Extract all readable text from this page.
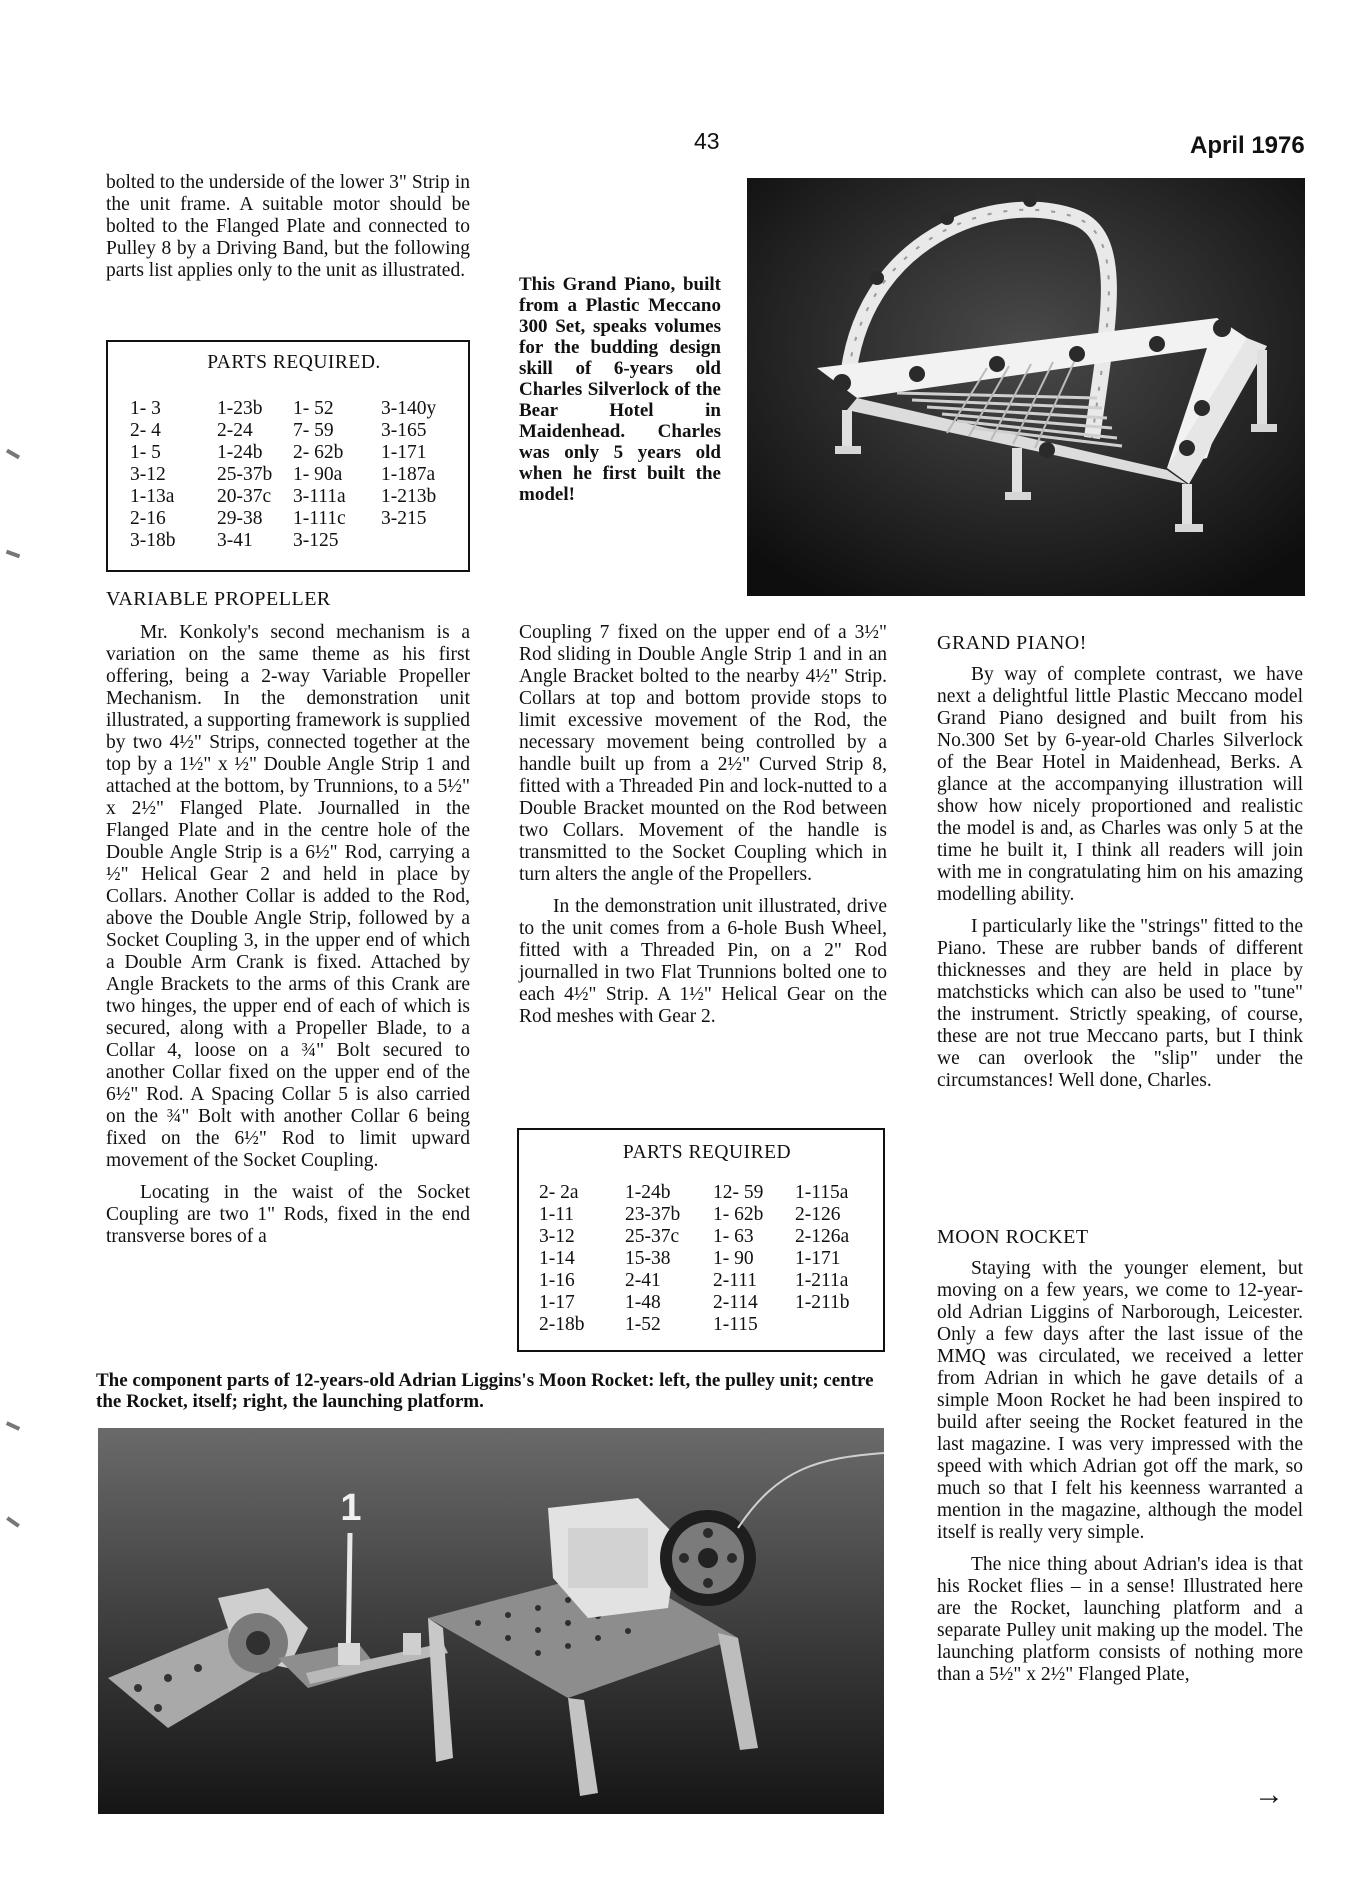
43	April 1976

bolted to the underside of the lower 3" Strip in the unit frame. A suitable motor should be bolted to the Flanged Plate and connected to Pulley 8 by a Driving Band, but the following parts list applies only to the unit as illustrated.

PARTS REQUIRED.
1- 3	1-23b	1- 52	3-140y
2- 4	2-24	7- 59	3-165
1- 5	1-24b	2- 62b	1-171
3-12	25-37b	1- 90a	1-187a
1-13a	20-37c	3-111a	1-213b
2-16	29-38	1-111c	3-215
3-18b	3-41	3-125
VARIABLE PROPELLER

Mr. Konkoly's second mechanism is a variation on the same theme as his first offering, being a 2-way Variable Propeller Mechanism. In the demonstration unit illustrated, a supporting framework is supplied by two 4½" Strips, connected together at the top by a 1½" x ½" Double Angle Strip 1 and attached at the bottom, by Trunnions, to a 5½" x 2½" Flanged Plate. Journalled in the Flanged Plate and in the centre hole of the Double Angle Strip is a 6½" Rod, carrying a ½" Helical Gear 2 and held in place by Collars. Another Collar is added to the Rod, above the Double Angle Strip, followed by a Socket Coupling 3, in the upper end of which a Double Arm Crank is fixed. Attached by Angle Brackets to the arms of this Crank are two hinges, the upper end of each of which is secured, along with a Propeller Blade, to a Collar 4, loose on a ¾" Bolt secured to another Collar fixed on the upper end of the 6½" Rod. A Spacing Collar 5 is also carried on the ¾" Bolt with another Collar 6 being fixed on the 6½" Rod to limit upward movement of the Socket Coupling.

Locating in the waist of the Socket Coupling are two 1" Rods, fixed in the end transverse bores of a

This Grand Piano, built from a Plastic Meccano 300 Set, speaks volumes for the budding design skill of 6-years old Charles Silverlock of the Bear Hotel in Maidenhead. Charles was only 5 years old when he first built the model!

Coupling 7 fixed on the upper end of a 3½" Rod sliding in Double Angle Strip 1 and in an Angle Bracket bolted to the nearby 4½" Strip. Collars at top and bottom provide stops to limit excessive movement of the Rod, the necessary movement being controlled by a handle built up from a 2½" Curved Strip 8, fitted with a Threaded Pin and lock-nutted to a Double Bracket mounted on the Rod between two Collars. Movement of the handle is transmitted to the Socket Coupling which in turn alters the angle of the Propellers.

In the demonstration unit illustrated, drive to the unit comes from a 6-hole Bush Wheel, fitted with a Threaded Pin, on a 2" Rod journalled in two Flat Trunnions bolted one to each 4½" Strip. A 1½" Helical Gear on the Rod meshes with Gear 2.

PARTS REQUIRED
2- 2a	1-24b	12- 59	1-115a
1-11	23-37b	1- 62b	2-126
3-12	25-37c	1- 63	2-126a
1-14	15-38	1- 90	1-171
1-16	2-41	2-111	1-211a
1-17	1-48	2-114	1-211b
2-18b	1-52	1-115
The component parts of 12-years-old Adrian Liggins's Moon Rocket: left, the pulley unit; centre the Rocket, itself; right, the launching platform.
1
GRAND PIANO!

By way of complete contrast, we have next a delightful little Plastic Meccano model Grand Piano designed and built from his No.300 Set by 6-year-old Charles Silverlock of the Bear Hotel in Maidenhead, Berks. A glance at the accompanying illustration will show how nicely proportioned and realistic the model is and, as Charles was only 5 at the time he built it, I think all readers will join with me in congratulating him on his amazing modelling ability.

I particularly like the "strings" fitted to the Piano. These are rubber bands of different thicknesses and they are held in place by matchsticks which can also be used to "tune" the instrument. Strictly speaking, of course, these are not true Meccano parts, but I think we can overlook the "slip" under the circumstances! Well done, Charles.

MOON ROCKET

Staying with the younger element, but moving on a few years, we come to 12-year-old Adrian Liggins of Narborough, Leicester. Only a few days after the last issue of the MMQ was circulated, we received a letter from Adrian in which he gave details of a simple Moon Rocket he had been inspired to build after seeing the Rocket featured in the last magazine. I was very impressed with the speed with which Adrian got off the mark, so much so that I felt his keenness warranted a mention in the magazine, although the model itself is really very simple.

The nice thing about Adrian's idea is that his Rocket flies – in a sense! Illustrated here are the Rocket, launching platform and a separate Pulley unit making up the model. The launching platform consists of nothing more than a 5½" x 2½" Flanged Plate,

→
